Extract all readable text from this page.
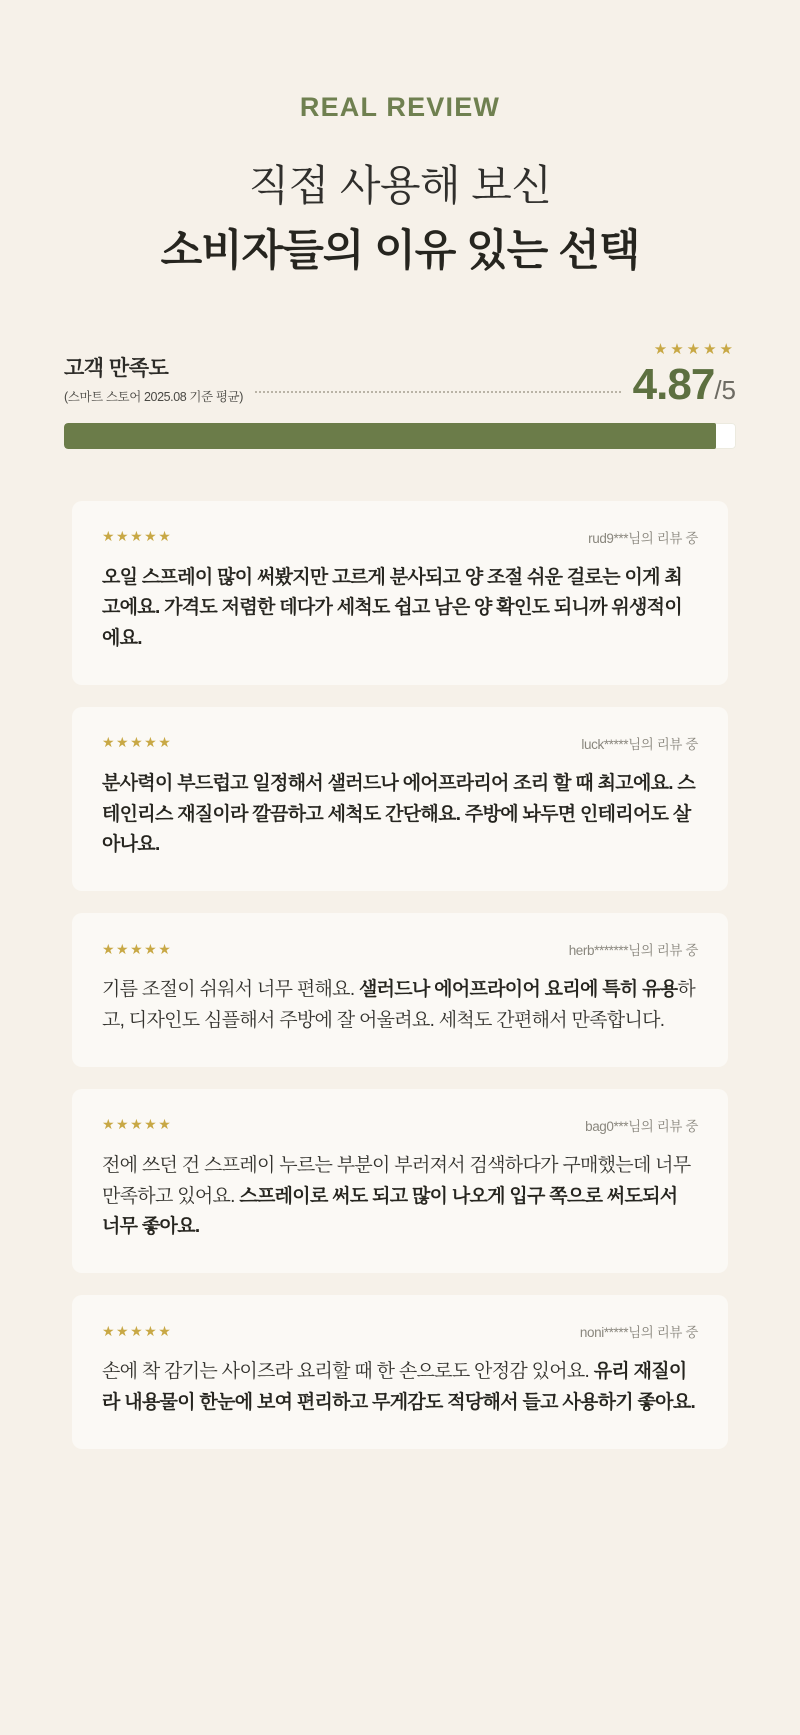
REAL REVIEW
직접 사용해 보신
소비자들의 이유 있는 선택
고객 만족도
(스마트 스토어 2025.08 기준 평균)
★★★★★
4.87/5
★★★★★	rud9***님의 리뷰 중

오일 스프레이 많이 써봤지만 고르게 분사되고 양 조절 쉬운 걸로는 이게 최고에요. 가격도 저렴한 데다가 세척도 쉽고 남은 양 확인도 되니까 위생적이에요.

★★★★★	luck*****님의 리뷰 중

분사력이 부드럽고 일정해서 샐러드나 에어프라리어 조리 할 때 최고에요. 스테인리스 재질이라 깔끔하고 세척도 간단해요. 주방에 놔두면 인테리어도 살아나요.

★★★★★	herb*******님의 리뷰 중

기름 조절이 쉬워서 너무 편해요. 샐러드나 에어프라이어 요리에 특히 유용하고, 디자인도 심플해서 주방에 잘 어울려요. 세척도 간편해서 만족합니다.

★★★★★	bag0***님의 리뷰 중

전에 쓰던 건 스프레이 누르는 부분이 부러져서 검색하다가 구매했는데 너무 만족하고 있어요. 스프레이로 써도 되고 많이 나오게 입구 쪽으로 써도되서 너무 좋아요.

★★★★★	noni*****님의 리뷰 중

손에 착 감기는 사이즈라 요리할 때 한 손으로도 안정감 있어요. 유리 재질이라 내용물이 한눈에 보여 편리하고 무게감도 적당해서 들고 사용하기 좋아요.
